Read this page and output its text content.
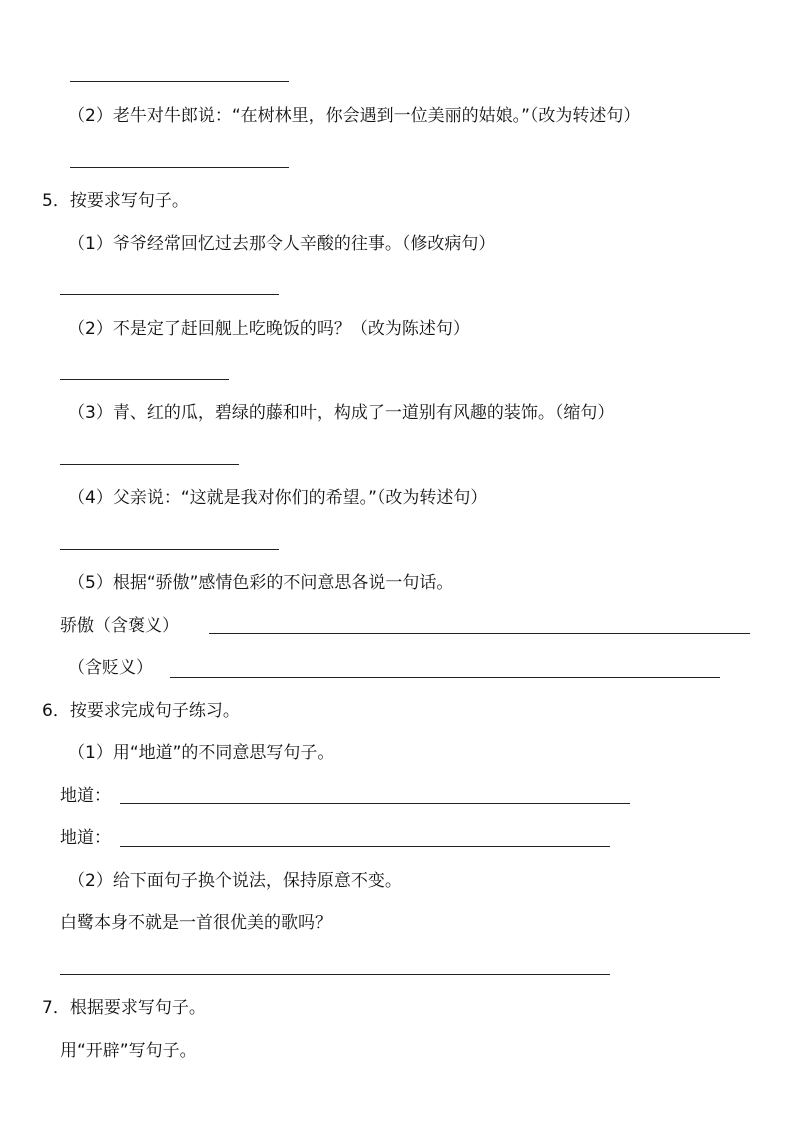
（2）老牛对牛郎说：“在树林里，你会遇到一位美丽的姑娘。”（改为转述句）
5．按要求写句子。
（1）爷爷经常回忆过去那令人辛酸的往事。（修改病句）
（2）不是定了赶回舰上吃晚饭的吗？（改为陈述句）
（3）青、红的瓜，碧绿的藤和叶，构成了一道别有风趣的装饰。（缩句）
（4）父亲说：“这就是我对你们的希望。”（改为转述句）
（5）根据“骄傲”感情色彩的不问意思各说一句话。
骄傲（含褒义）
（含贬义）
6．按要求完成句子练习。
（1）用“地道”的不同意思写句子。
地道：
地道：
（2）给下面句子换个说法，保持原意不变。
白鹭本身不就是一首很优美的歌吗？
7．根据要求写句子。
用“开辟”写句子。
